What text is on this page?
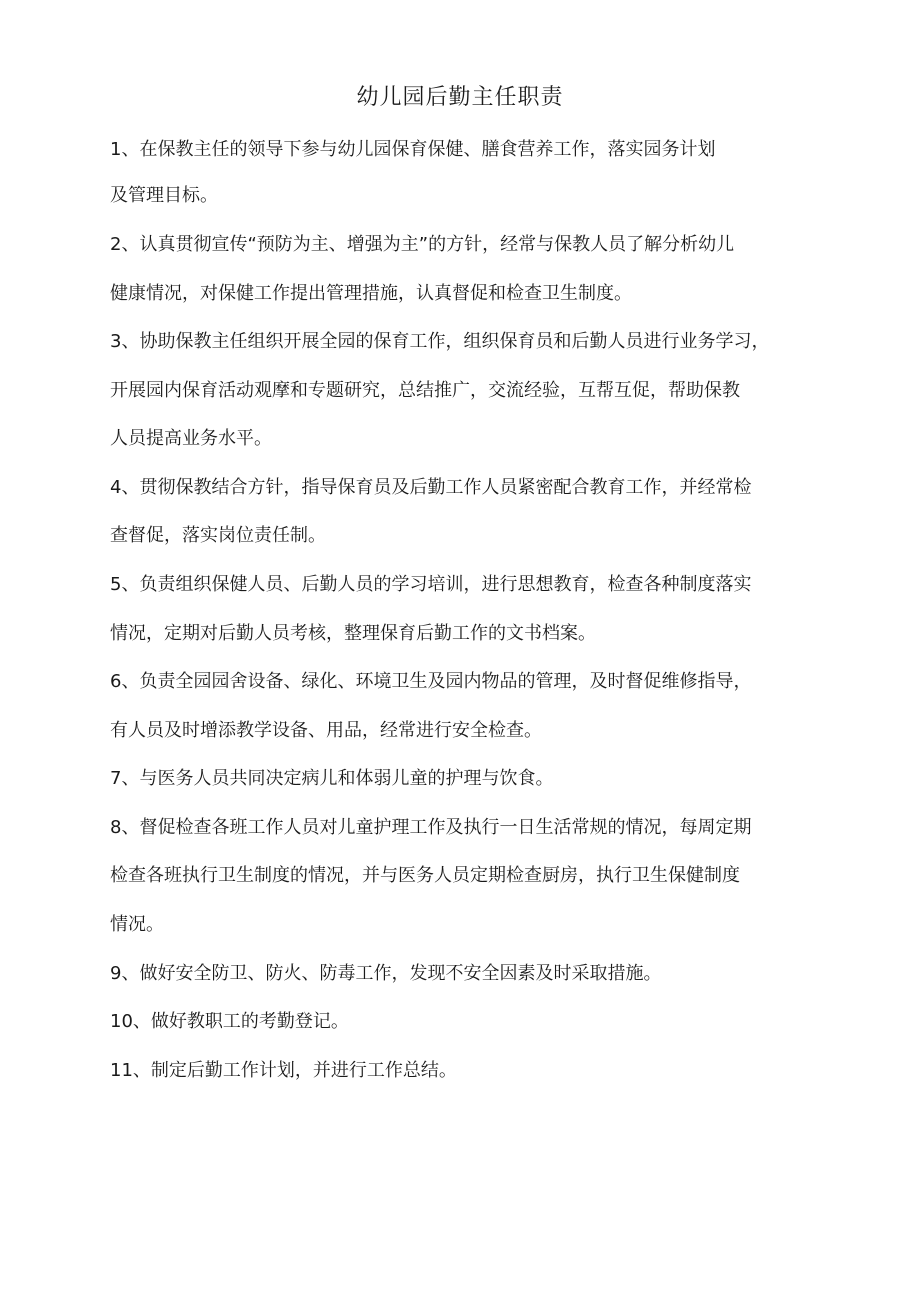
幼儿园后勤主任职责

1、在保教主任的领导下参与幼儿园保育保健、膳食营养工作，落实园务计划

及管理目标。

2、认真贯彻宣传“预防为主、增强为主”的方针，经常与保教人员了解分析幼儿

健康情况，对保健工作提出管理措施，认真督促和检查卫生制度。

3、协助保教主任组织开展全园的保育工作，组织保育员和后勤人员进行业务学习，

开展园内保育活动观摩和专题研究，总结推广，交流经验，互帮互促，帮助保教

人员提高业务水平。

4、贯彻保教结合方针，指导保育员及后勤工作人员紧密配合教育工作，并经常检

查督促，落实岗位责任制。

5、负责组织保健人员、后勤人员的学习培训，进行思想教育，检查各种制度落实

情况，定期对后勤人员考核，整理保育后勤工作的文书档案。

6、负责全园园舍设备、绿化、环境卫生及园内物品的管理，及时督促维修指导，

有人员及时增添教学设备、用品，经常进行安全检查。

7、与医务人员共同决定病儿和体弱儿童的护理与饮食。

8、督促检查各班工作人员对儿童护理工作及执行一日生活常规的情况，每周定期

检查各班执行卫生制度的情况，并与医务人员定期检查厨房，执行卫生保健制度

情况。

9、做好安全防卫、防火、防毒工作，发现不安全因素及时采取措施。

10、做好教职工的考勤登记。

11、制定后勤工作计划，并进行工作总结。
